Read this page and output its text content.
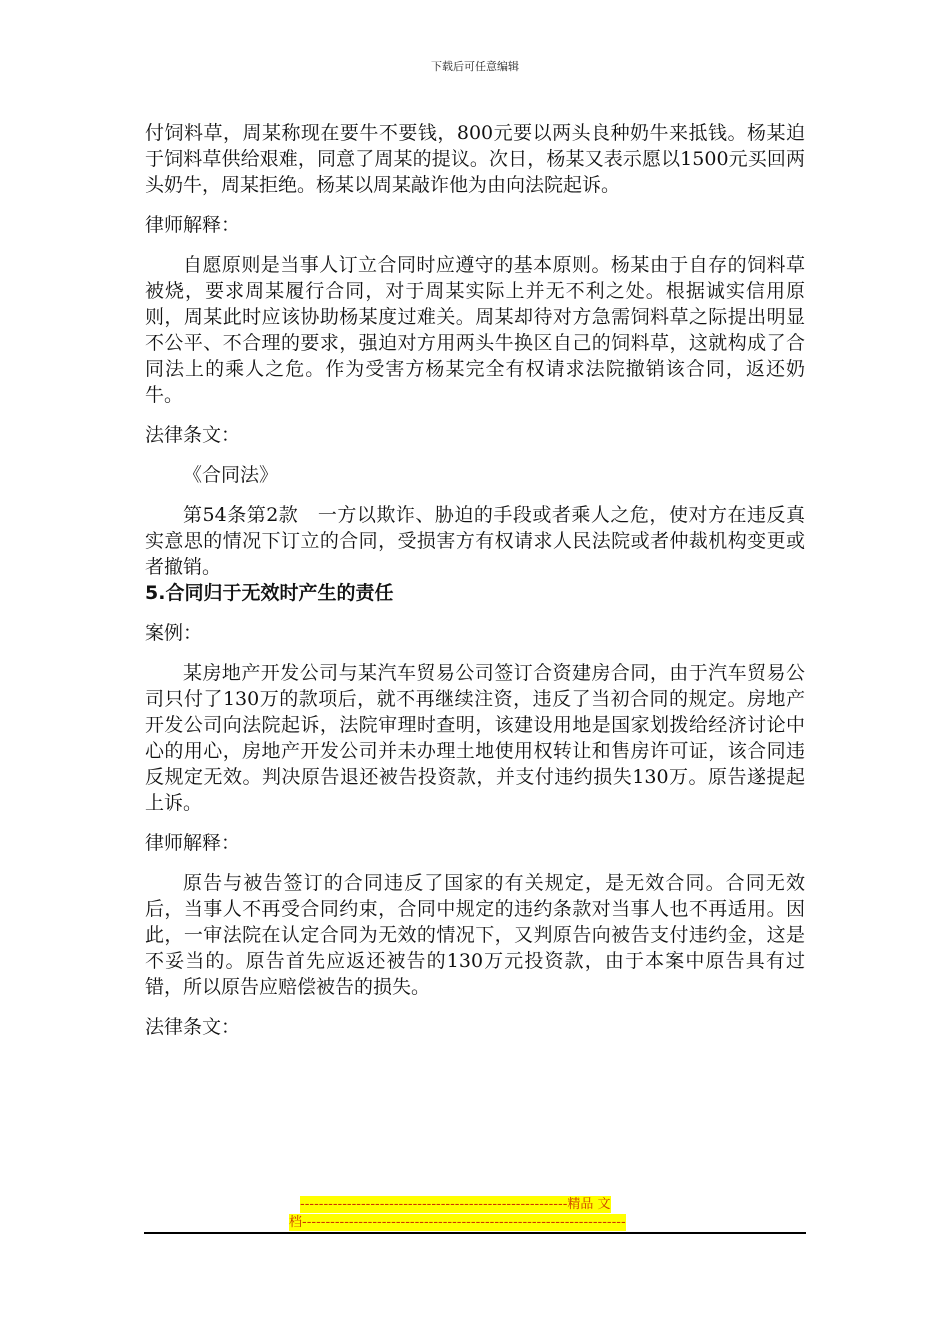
下载后可任意编辑

付饲料草，周某称现在要牛不要钱，800元要以两头良种奶牛来抵钱。杨某迫于饲料草供给艰难，同意了周某的提议。次日，杨某又表示愿以1500元买回两头奶牛，周某拒绝。杨某以周某敲诈他为由向法院起诉。

律师解释：

自愿原则是当事人订立合同时应遵守的基本原则。杨某由于自存的饲料草被烧，要求周某履行合同，对于周某实际上并无不利之处。根据诚实信用原则，周某此时应该协助杨某度过难关。周某却待对方急需饲料草之际提出明显不公平、不合理的要求，强迫对方用两头牛换区自己的饲料草，这就构成了合同法上的乘人之危。作为受害方杨某完全有权请求法院撤销该合同，返还奶牛。

法律条文：

《合同法》

第54条第2款　一方以欺诈、胁迫的手段或者乘人之危，使对方在违反真实意思的情况下订立的合同，受损害方有权请求人民法院或者仲裁机构变更或者撤销。

5.合同归于无效时产生的责任

案例：

某房地产开发公司与某汽车贸易公司签订合资建房合同，由于汽车贸易公司只付了130万的款项后，就不再继续注资，违反了当初合同的规定。房地产开发公司向法院起诉，法院审理时查明，该建设用地是国家划拨给经济讨论中心的用心，房地产开发公司并未办理土地使用权转让和售房许可证，该合同违反规定无效。判决原告退还被告投资款，并支付违约损失130万。原告遂提起上诉。

律师解释：

原告与被告签订的合同违反了国家的有关规定，是无效合同。合同无效后，当事人不再受合同约束，合同中规定的违约条款对当事人也不再适用。因此，一审法院在认定合同为无效的情况下，又判原告向被告支付违约金，这是不妥当的。原告首先应返还被告的130万元投资款，由于本案中原告具有过错，所以原告应赔偿被告的损失。

法律条文：

---------------------------------------------------------精品 文
档---------------------------------------------------------------------
